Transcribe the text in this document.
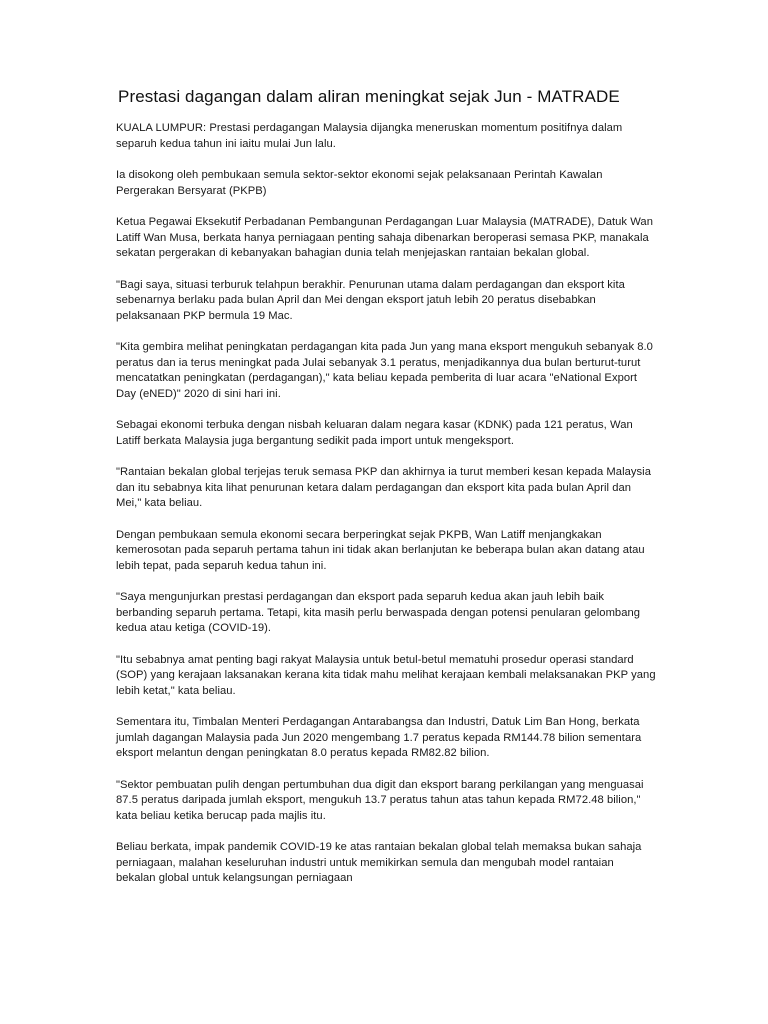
Prestasi dagangan dalam aliran meningkat sejak Jun - MATRADE

KUALA LUMPUR: Prestasi perdagangan Malaysia dijangka meneruskan momentum positifnya dalam separuh kedua tahun ini iaitu mulai Jun lalu.

Ia disokong oleh pembukaan semula sektor-sektor ekonomi sejak pelaksanaan Perintah Kawalan Pergerakan Bersyarat (PKPB)

Ketua Pegawai Eksekutif Perbadanan Pembangunan Perdagangan Luar Malaysia (MATRADE), Datuk Wan Latiff Wan Musa, berkata hanya perniagaan penting sahaja dibenarkan beroperasi semasa PKP, manakala sekatan pergerakan di kebanyakan bahagian dunia telah menjejaskan rantaian bekalan global.

"Bagi saya, situasi terburuk telahpun berakhir. Penurunan utama dalam perdagangan dan eksport kita sebenarnya berlaku pada bulan April dan Mei dengan eksport jatuh lebih 20 peratus disebabkan pelaksanaan PKP bermula 19 Mac.

"Kita gembira melihat peningkatan perdagangan kita pada Jun yang mana eksport mengukuh sebanyak 8.0 peratus dan ia terus meningkat pada Julai sebanyak 3.1 peratus, menjadikannya dua bulan berturut-turut mencatatkan peningkatan (perdagangan)," kata beliau kepada pemberita di luar acara "eNational Export Day (eNED)" 2020 di sini hari ini.

Sebagai ekonomi terbuka dengan nisbah keluaran dalam negara kasar (KDNK) pada 121 peratus, Wan Latiff berkata Malaysia juga bergantung sedikit pada import untuk mengeksport.

"Rantaian bekalan global terjejas teruk semasa PKP dan akhirnya ia turut memberi kesan kepada Malaysia dan itu sebabnya kita lihat penurunan ketara dalam perdagangan dan eksport kita pada bulan April dan Mei," kata beliau.

Dengan pembukaan semula ekonomi secara berperingkat sejak PKPB, Wan Latiff menjangkakan kemerosotan pada separuh pertama tahun ini tidak akan berlanjutan ke beberapa bulan akan datang atau lebih tepat, pada separuh kedua tahun ini.

"Saya mengunjurkan prestasi perdagangan dan eksport pada separuh kedua akan jauh lebih baik berbanding separuh pertama. Tetapi, kita masih perlu berwaspada dengan potensi penularan gelombang kedua atau ketiga (COVID-19).

"Itu sebabnya amat penting bagi rakyat Malaysia untuk betul-betul mematuhi prosedur operasi standard (SOP) yang kerajaan laksanakan kerana kita tidak mahu melihat kerajaan kembali melaksanakan PKP yang lebih ketat," kata beliau.

Sementara itu, Timbalan Menteri Perdagangan Antarabangsa dan Industri, Datuk Lim Ban Hong, berkata jumlah dagangan Malaysia pada Jun 2020 mengembang 1.7 peratus kepada RM144.78 bilion sementara eksport melantun dengan peningkatan 8.0 peratus kepada RM82.82 bilion.

"Sektor pembuatan pulih dengan pertumbuhan dua digit dan eksport barang perkilangan yang menguasai 87.5 peratus daripada jumlah eksport, mengukuh 13.7 peratus tahun atas tahun kepada RM72.48 bilion," kata beliau ketika berucap pada majlis itu.

Beliau berkata, impak pandemik COVID-19 ke atas rantaian bekalan global telah memaksa bukan sahaja perniagaan, malahan keseluruhan industri untuk memikirkan semula dan mengubah model rantaian bekalan global untuk kelangsungan perniagaan
